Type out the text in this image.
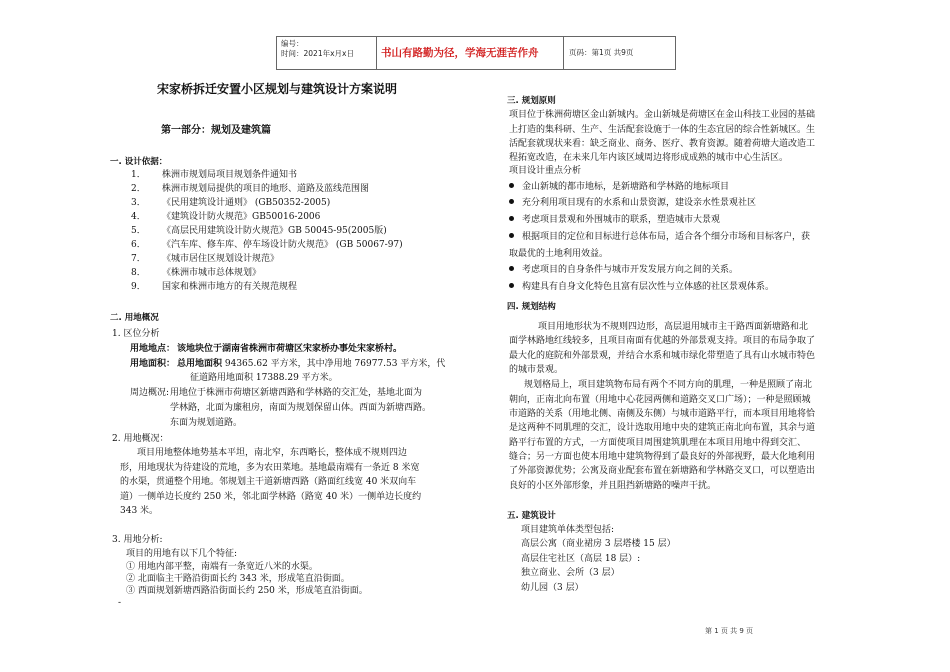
编号：
时间：2021年x月x日	书山有路勤为径，学海无涯苦作舟	页码：第1页 共9页
宋家桥拆迁安置小区规划与建筑设计方案说明
第一部分：规划及建筑篇
一. 设计依据：
1． 株洲市规划局项目规划条件通知书
2． 株洲市规划局提供的项目的地形、道路及蓝线范围图
3． 《民用建筑设计通则》 (GB50352-2005)
4． 《建筑设计防火规范》GB50016-2006
5． 《高层民用建筑设计防火规范》GB 50045-95(2005版)
6． 《汽车库、修车库、停车场设计防火规范》 (GB 50067-97)
7． 《城市居住区规划设计规范》
8． 《株洲市城市总体规划》
9． 国家和株洲市地方的有关规范规程
二. 用地概况
1. 区位分析
用地地点： 该地块位于湖南省株洲市荷塘区宋家桥办事处宋家桥村。
用地面积： 总用地面积 94365.62 平方米，其中净用地 76977.53 平方米，代
征道路用地面积 17388.29 平方米。
周边概况: 用地位于株洲市荷塘区新塘西路和学林路的交汇处，基地北面为
学林路，北面为廉租房，南面为规划保留山体。西面为新塘西路。
东面为规划道路。
2. 用地概况：
项目用地整体地势基本平坦，南北窄，东西略长，整体成不规则四边
形，用地现状为待建设的荒地，多为农田菜地。基地最南端有一条近 8 米宽
的水渠，贯通整个用地。邻规划主干道新塘西路（路面红线宽 40 米双向车
道）一侧单边长度约 250 米，邻北面学林路（路宽 40 米）一侧单边长度约
343 米。
3. 用地分析:
项目的用地有以下几个特征:
① 用地内部平整，南端有一条宽近八米的水渠。
② 北面临主干路沿街面长约 343 米，形成笔直沿街面。
③ 西面规划新塘西路沿街面长约 250 米，形成笔直沿街面。
-
三. 规划原则
项目位于株洲荷塘区金山新城内。金山新城是荷塘区在金山科技工业园的基础
上打造的集科研、生产、生活配套设施于一体的生态宜居的综合性新城区。生
活配套就现状来看：缺乏商业、商务、医疗、教育资源。随着荷塘大道改造工
程拓宽改造，在未来几年内该区域周边将形成成熟的城市中心生活区。
项目设计重点分析
金山新城的都市地标，是新塘路和学林路的地标项目
充分利用项目现有的水系和山景资源，建设亲水性景观社区
考虑项目景观和外围城市的联系，塑造城市大景观
根据项目的定位和目标进行总体布局，适合各个细分市场和目标客户，获
取最优的土地利用效益。
考虑项目的自身条件与城市开发发展方向之间的关系。
构建具有自身文化特色且富有层次性与立体感的社区景观体系。
四. 规划结构
项目用地形状为不规则四边形，高层退用城市主干路西面新塘路和北
面学林路地红线较多，且项目南面有优越的外部景观支持。项目的布局争取了
最大化的庭院和外部景观，并结合水系和城市绿化带塑造了具有山水城市特色
的城市景观。
规划格局上，项目建筑物布局有两个不同方向的肌理，一种是照顾了南北
朝向，正南北向布置（用地中心花园两侧和道路交叉口广场）；一种是照顾城
市道路的关系（用地北侧、南侧及东侧）与城市道路平行，而本项目用地将恰
是这两种不同肌理的交汇，设计选取用地中央的建筑正南北向布置，其余与道
路平行布置的方式，一方面使项目周围建筑肌理在本项目用地中得到交汇、
缝合；另一方面也使本用地中建筑物得到了最良好的外部视野，最大化地利用
了外部资源优势；公寓及商业配套布置在新塘路和学林路交叉口，可以塑造出
良好的小区外部形象，并且阻挡新塘路的噪声干扰。
五. 建筑设计
项目建筑单体类型包括:
高层公寓（商业裙房 3 层塔楼 15 层）
高层住宅社区（高层 18 层）:
独立商业、会所（3 层）
幼儿园（3 层）
第 1 页 共 9 页
